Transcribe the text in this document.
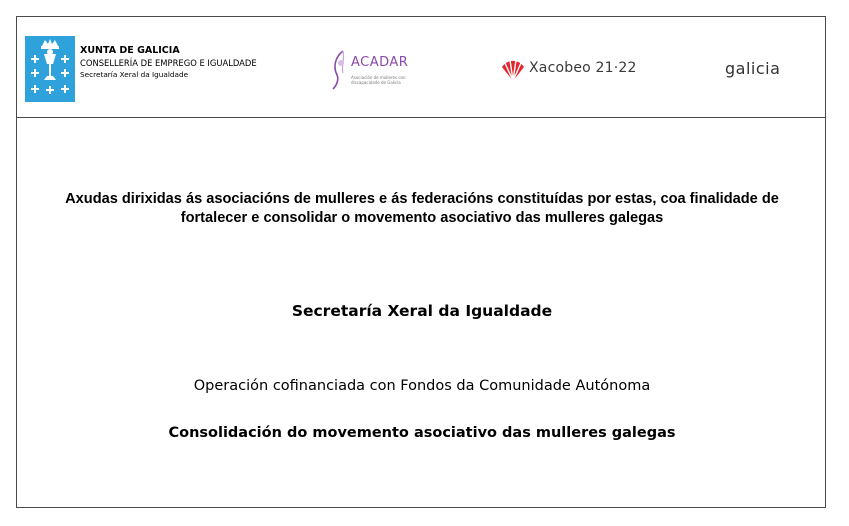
XUNTA DE GALICIA
CONSELLERÍA DE EMPREGO E IGUALDADE
Secretaría Xeral da Igualdade
ACADAR
Asociación de mulleres con discapacidade de Galicia
Xacobeo 21·22	galicia
Axudas dirixidas ás asociacións de mulleres e ás federacións constituídas por estas, coa finalidade de
fortalecer e consolidar o movemento asociativo das mulleres galegas
Secretaría Xeral da Igualdade
Operación cofinanciada con Fondos da Comunidade Autónoma
Consolidación do movemento asociativo das mulleres galegas
